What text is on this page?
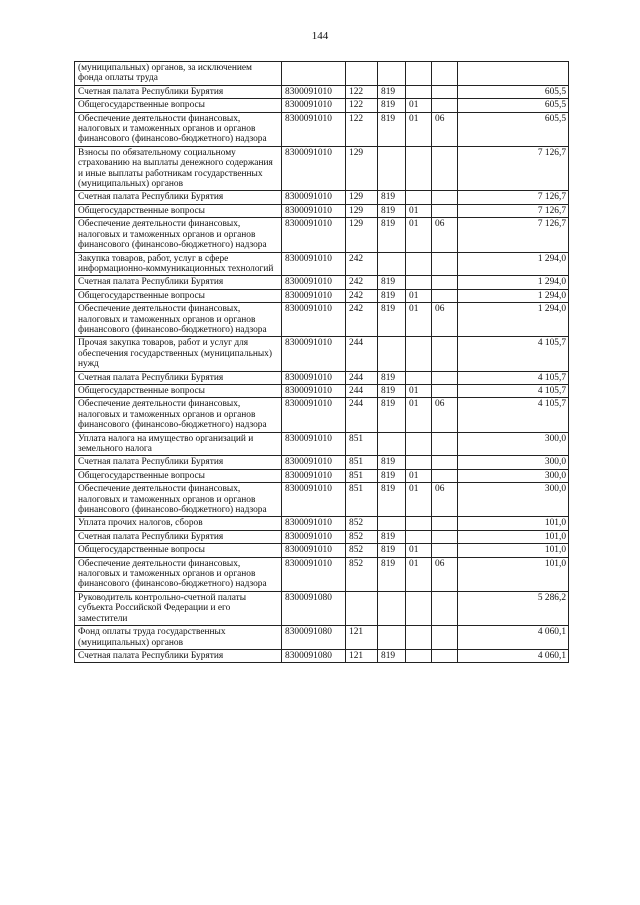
144
(муниципальных) органов, за исключением фонда оплаты труда						
Счетная палата Республики Бурятия	8300091010	122	819			605,5
Общегосударственные вопросы	8300091010	122	819	01		605,5
Обеспечение деятельности финансовых, налоговых и таможенных органов и органов финансового (финансово-бюджетного) надзора	8300091010	122	819	01	06	605,5
Взносы по обязательному социальному страхованию на выплаты денежного содержания и иные выплаты работникам государственных (муниципальных) органов	8300091010	129				7 126,7
Счетная палата Республики Бурятия	8300091010	129	819			7 126,7
Общегосударственные вопросы	8300091010	129	819	01		7 126,7
Обеспечение деятельности финансовых, налоговых и таможенных органов и органов финансового (финансово-бюджетного) надзора	8300091010	129	819	01	06	7 126,7
Закупка товаров, работ, услуг в сфере информационно-коммуникационных технологий	8300091010	242				1 294,0
Счетная палата Республики Бурятия	8300091010	242	819			1 294,0
Общегосударственные вопросы	8300091010	242	819	01		1 294,0
Обеспечение деятельности финансовых, налоговых и таможенных органов и органов финансового (финансово-бюджетного) надзора	8300091010	242	819	01	06	1 294,0
Прочая закупка товаров, работ и услуг для обеспечения государственных (муниципальных) нужд	8300091010	244				4 105,7
Счетная палата Республики Бурятия	8300091010	244	819			4 105,7
Общегосударственные вопросы	8300091010	244	819	01		4 105,7
Обеспечение деятельности финансовых, налоговых и таможенных органов и органов финансового (финансово-бюджетного) надзора	8300091010	244	819	01	06	4 105,7
Уплата налога на имущество организаций и земельного налога	8300091010	851				300,0
Счетная палата Республики Бурятия	8300091010	851	819			300,0
Общегосударственные вопросы	8300091010	851	819	01		300,0
Обеспечение деятельности финансовых, налоговых и таможенных органов и органов финансового (финансово-бюджетного) надзора	8300091010	851	819	01	06	300,0
Уплата прочих налогов, сборов	8300091010	852				101,0
Счетная палата Республики Бурятия	8300091010	852	819			101,0
Общегосударственные вопросы	8300091010	852	819	01		101,0
Обеспечение деятельности финансовых, налоговых и таможенных органов и органов финансового (финансово-бюджетного) надзора	8300091010	852	819	01	06	101,0
Руководитель контрольно-счетной палаты субъекта Российской Федерации и его заместители	8300091080					5 286,2
Фонд оплаты труда государственных (муниципальных) органов	8300091080	121				4 060,1
Счетная палата Республики Бурятия	8300091080	121	819			4 060,1
